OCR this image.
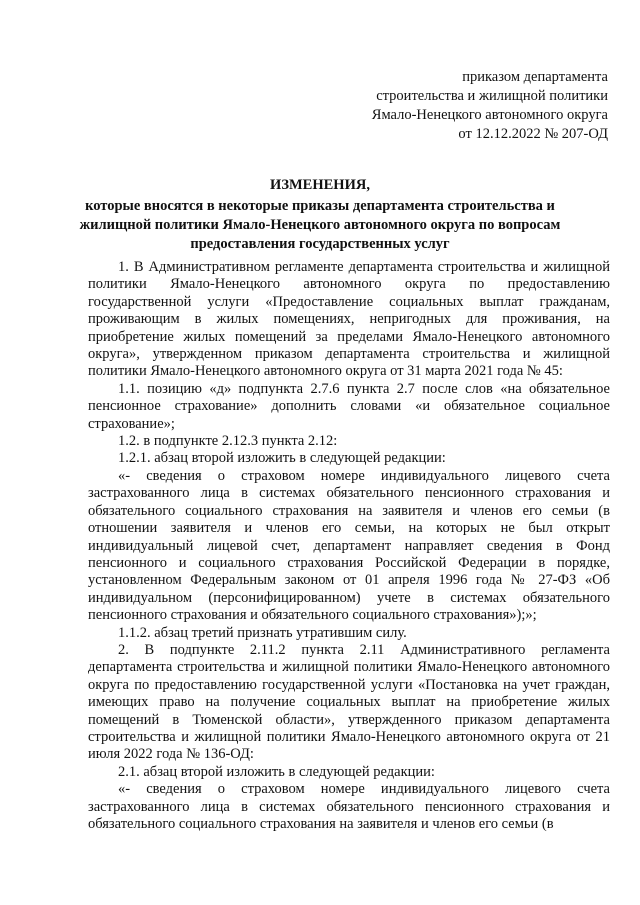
приказом департамента
строительства и жилищной политики
Ямало-Ненецкого автономного округа
от 12.12.2022 № 207-ОД
ИЗМЕНЕНИЯ,
которые вносятся в некоторые приказы департамента строительства и жилищной политики Ямало-Ненецкого автономного округа по вопросам предоставления государственных услуг

1. В Административном регламенте департамента строительства и жилищной политики Ямало-Ненецкого автономного округа по предоставлению государственной услуги «Предоставление социальных выплат гражданам, проживающим в жилых помещениях, непригодных для проживания, на приобретение жилых помещений за пределами Ямало-Ненецкого автономного округа», утвержденном приказом департамента строительства и жилищной политики Ямало-Ненецкого автономного округа от 31 марта 2021 года № 45:

1.1. позицию «д» подпункта 2.7.6 пункта 2.7 после слов «на обязательное пенсионное страхование» дополнить словами «и обязательное социальное страхование»;

1.2. в подпункте 2.12.3 пункта 2.12:

1.2.1. абзац второй изложить в следующей редакции:

«- сведения о страховом номере индивидуального лицевого счета застрахованного лица в системах обязательного пенсионного страхования и обязательного социального страхования на заявителя и членов его семьи (в отношении заявителя и членов его семьи, на которых не был открыт индивидуальный лицевой счет, департамент направляет сведения в Фонд пенсионного и социального страхования Российской Федерации в порядке, установленном Федеральным законом от 01 апреля 1996 года № 27-ФЗ «Об индивидуальном (персонифицированном) учете в системах обязательного пенсионного страхования и обязательного социального страхования»);»;

1.1.2. абзац третий признать утратившим силу.

2. В подпункте 2.11.2 пункта 2.11 Административного регламента департамента строительства и жилищной политики Ямало-Ненецкого автономного округа по предоставлению государственной услуги «Постановка на учет граждан, имеющих право на получение социальных выплат на приобретение жилых помещений в Тюменской области», утвержденного приказом департамента строительства и жилищной политики Ямало-Ненецкого автономного округа от 21 июля 2022 года № 136-ОД:

2.1. абзац второй изложить в следующей редакции:

«- сведения о страховом номере индивидуального лицевого счета застрахованного лица в системах обязательного пенсионного страхования и обязательного социального страхования на заявителя и членов его семьи (в
